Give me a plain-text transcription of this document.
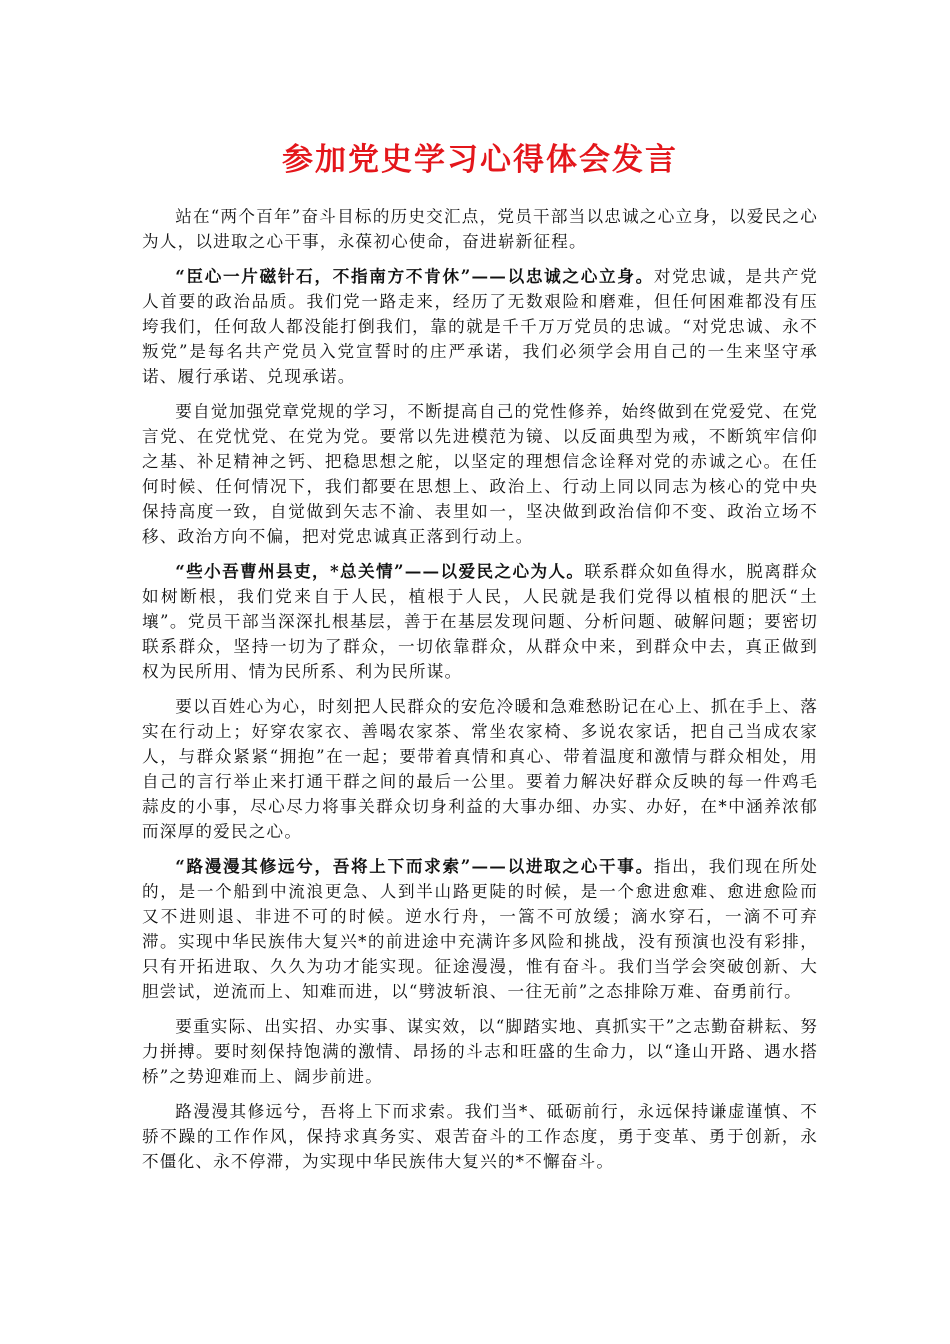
参加党史学习心得体会发言

站在“两个百年”奋斗目标的历史交汇点，党员干部当以忠诚之心立身，以爱民之心为人，以进取之心干事，永葆初心使命，奋进崭新征程。

“臣心一片磁针石，不指南方不肯休”——以忠诚之心立身。对党忠诚，是共产党人首要的政治品质。我们党一路走来，经历了无数艰险和磨难，但任何困难都没有压垮我们，任何敌人都没能打倒我们，靠的就是千千万万党员的忠诚。“对党忠诚、永不叛党”是每名共产党员入党宣誓时的庄严承诺，我们必须学会用自己的一生来坚守承诺、履行承诺、兑现承诺。

要自觉加强党章党规的学习，不断提高自己的党性修养，始终做到在党爱党、在党言党、在党忧党、在党为党。要常以先进模范为镜、以反面典型为戒，不断筑牢信仰之基、补足精神之钙、把稳思想之舵，以坚定的理想信念诠释对党的赤诚之心。在任何时候、任何情况下，我们都要在思想上、政治上、行动上同以同志为核心的党中央保持高度一致，自觉做到矢志不渝、表里如一，坚决做到政治信仰不变、政治立场不移、政治方向不偏，把对党忠诚真正落到行动上。

“些小吾曹州县吏，*总关情”——以爱民之心为人。联系群众如鱼得水，脱离群众如树断根，我们党来自于人民，植根于人民，人民就是我们党得以植根的肥沃“土壤”。党员干部当深深扎根基层，善于在基层发现问题、分析问题、破解问题；要密切联系群众，坚持一切为了群众，一切依靠群众，从群众中来，到群众中去，真正做到权为民所用、情为民所系、利为民所谋。

要以百姓心为心，时刻把人民群众的安危冷暖和急难愁盼记在心上、抓在手上、落实在行动上；好穿农家衣、善喝农家茶、常坐农家椅、多说农家话，把自己当成农家人，与群众紧紧“拥抱”在一起；要带着真情和真心、带着温度和激情与群众相处，用自己的言行举止来打通干群之间的最后一公里。要着力解决好群众反映的每一件鸡毛蒜皮的小事，尽心尽力将事关群众切身利益的大事办细、办实、办好，在*中涵养浓郁而深厚的爱民之心。

“路漫漫其修远兮，吾将上下而求索”——以进取之心干事。指出，我们现在所处的，是一个船到中流浪更急、人到半山路更陡的时候，是一个愈进愈难、愈进愈险而又不进则退、非进不可的时候。逆水行舟，一篙不可放缓；滴水穿石，一滴不可弃滞。实现中华民族伟大复兴*的前进途中充满许多风险和挑战，没有预演也没有彩排，只有开拓进取、久久为功才能实现。征途漫漫，惟有奋斗。我们当学会突破创新、大胆尝试，逆流而上、知难而进，以“劈波斩浪、一往无前”之态排除万难、奋勇前行。

要重实际、出实招、办实事、谋实效，以“脚踏实地、真抓实干”之志勤奋耕耘、努力拼搏。要时刻保持饱满的激情、昂扬的斗志和旺盛的生命力，以“逢山开路、遇水搭桥”之势迎难而上、阔步前进。

路漫漫其修远兮，吾将上下而求索。我们当*、砥砺前行，永远保持谦虚谨慎、不骄不躁的工作作风，保持求真务实、艰苦奋斗的工作态度，勇于变革、勇于创新，永不僵化、永不停滞，为实现中华民族伟大复兴的*不懈奋斗。
